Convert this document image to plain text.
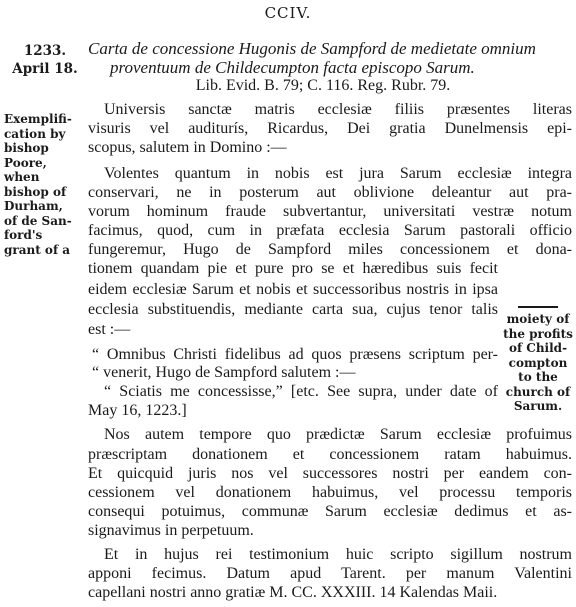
CCIV.
1233.
April 18.
Carta de concessione Hugonis de Sampford de medietate omnium
proventuum de Childecumpton facta episcopo Sarum.
Lib. Evid. B. 79; C. 116. Reg. Rubr. 79.
Exemplifi-
cation by
bishop
Poore,
when
bishop of
Durham,
of de San-
ford's
grant of a
moiety of
the profits
of Child-
compton
to the
church of
Sarum.
Universis sanctæ matris ecclesiæ filiis præsentes literas
visuris vel auditurís, Ricardus, Dei gratia Dunelmensis epi-
scopus, salutem in Domino :—
Volentes quantum in nobis est jura Sarum ecclesiæ integra
conservari, ne in posterum aut oblivione deleantur aut pra-
vorum hominum fraude subvertantur, universitati vestræ notum
facimus, quod, cum in præfata ecclesia Sarum pastorali officio
fungeremur, Hugo de Sampford miles concessionem et dona-
tionem quandam pie et pure pro se et hæredibus suis fecit
eidem ecclesiæ Sarum et nobis et successoribus nostris in ipsa
ecclesia substituendis, mediante carta sua, cujus tenor talis
est :—
“ Omnibus Christi fidelibus ad quos præsens scriptum per-
“ venerit, Hugo de Sampford salutem :—
“ Sciatis me concessisse,” [etc. See supra, under date of
May 16, 1223.]
Nos autem tempore quo prædictæ Sarum ecclesiæ profuimus
præscriptam donationem et concessionem ratam habuimus.
Et quicquid juris nos vel successores nostri per eandem con-
cessionem vel donationem habuimus, vel processu temporis
consequi potuimus, communæ Sarum ecclesiæ dedimus et as-
signavimus in perpetuum.
Et in hujus rei testimonium huic scripto sigillum nostrum
apponi fecimus. Datum apud Tarent. per manum Valentini
capellani nostri anno gratiæ M. CC. XXXIII. 14 Kalendas Maii.
